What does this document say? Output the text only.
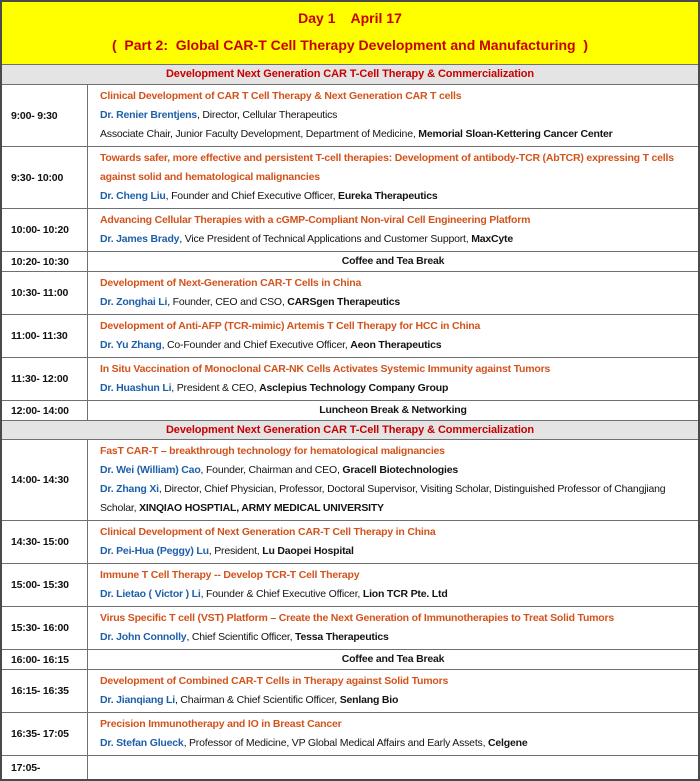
Day 1    April 17
(  Part 2:  Global CAR-T Cell Therapy Development and Manufacturing  )
Development Next Generation CAR T-Cell Therapy & Commercialization
9:00- 9:30
Clinical Development of CAR T Cell Therapy & Next Generation CAR T cells
Dr. Renier Brentjens, Director, Cellular Therapeutics
Associate Chair, Junior Faculty Development, Department of Medicine, Memorial Sloan-Kettering Cancer Center
9:30- 10:00
Towards safer, more effective and persistent T-cell therapies: Development of antibody-TCR (AbTCR) expressing T cells against solid and hematological malignancies
Dr. Cheng Liu, Founder and Chief Executive Officer, Eureka Therapeutics
10:00- 10:20
Advancing Cellular Therapies with a cGMP-Compliant Non-viral Cell Engineering Platform
Dr. James Brady, Vice President of Technical Applications and Customer Support, MaxCyte
10:20- 10:30	Coffee and Tea Break
10:30- 11:00
Development of Next-Generation CAR-T Cells in China
Dr. Zonghai Li, Founder, CEO and CSO, CARSgen Therapeutics
11:00- 11:30
Development of Anti-AFP (TCR-mimic) Artemis T Cell Therapy for HCC in China
Dr. Yu Zhang, Co-Founder and Chief Executive Officer, Aeon Therapeutics
11:30- 12:00
In Situ Vaccination of Monoclonal CAR-NK Cells Activates Systemic Immunity against Tumors
Dr. Huashun Li, President & CEO, Asclepius Technology Company Group
12:00- 14:00	Luncheon Break & Networking
Development Next Generation CAR T-Cell Therapy & Commercialization
14:00- 14:30
FasT CAR-T – breakthrough technology for hematological malignancies
Dr. Wei (William) Cao, Founder, Chairman and CEO, Gracell Biotechnologies
Dr. Zhang Xi, Director, Chief Physician, Professor, Doctoral Supervisor, Visiting Scholar, Distinguished Professor of Changjiang Scholar, XINQIAO HOSPTIAL, ARMY MEDICAL UNIVERSITY
14:30- 15:00
Clinical Development of Next Generation CAR-T Cell Therapy in China
Dr. Pei-Hua (Peggy) Lu, President, Lu Daopei Hospital
15:00- 15:30
Immune T Cell Therapy -- Develop TCR-T Cell Therapy
Dr. Lietao ( Victor ) Li, Founder & Chief Executive Officer, Lion TCR Pte. Ltd
15:30- 16:00
Virus Specific T cell (VST) Platform – Create the Next Generation of Immunotherapies to Treat Solid Tumors
Dr. John Connolly, Chief Scientific Officer, Tessa Therapeutics
16:00- 16:15	Coffee and Tea Break
16:15- 16:35
Development of Combined CAR-T Cells in Therapy against Solid Tumors
Dr. Jianqiang Li, Chairman & Chief Scientific Officer, Senlang Bio
16:35- 17:05
Precision Immunotherapy and IO in Breast Cancer
Dr. Stefan Glueck, Professor of Medicine, VP Global Medical Affairs and Early Assets, Celgene
17:05-
